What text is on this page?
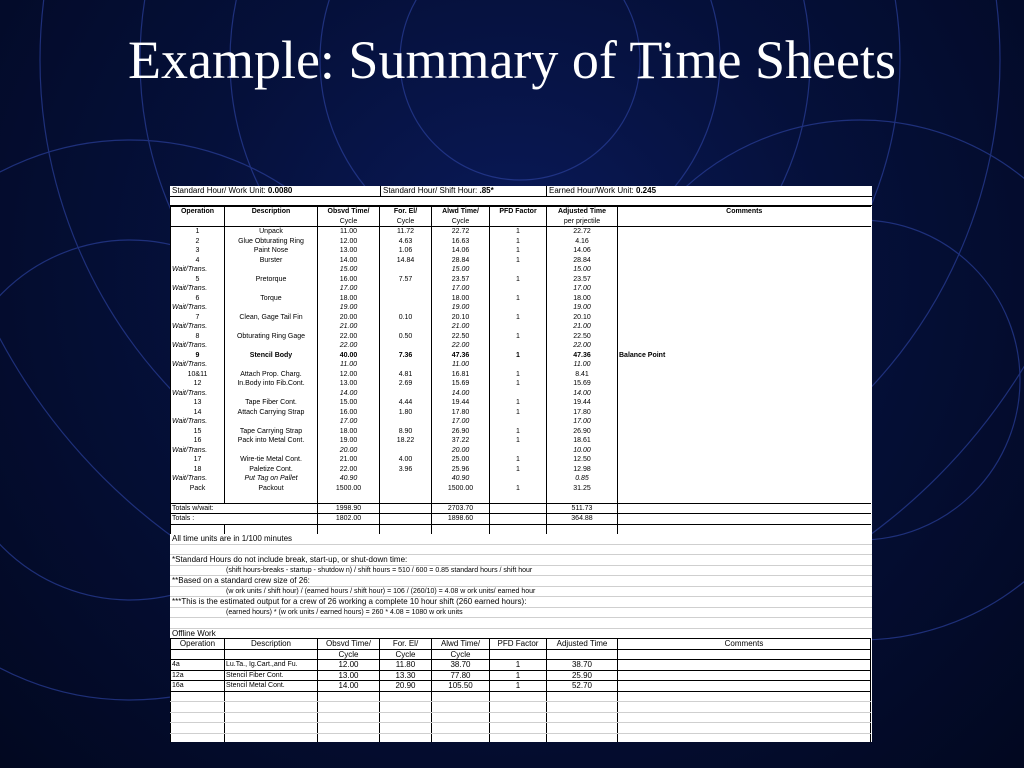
Example: Summary of Time Sheets
Standard Hour/ Work Unit: 0.0080	Standard Hour/ Shift Hour: .85*	Earned Hour/Work Unit: 0.245
Operation	Description	Obsvd Time/	For. El/	Alwd Time/	PFD Factor	Adjusted Time	Comments
		Cycle	Cycle	Cycle		per prjectile	
1	Unpack	11.00	11.72	22.72	1	22.72	
2	Glue Obturating Ring	12.00	4.63	16.63	1	4.16	
3	Paint Nose	13.00	1.06	14.06	1	14.06	
4	Burster	14.00	14.84	28.84	1	28.84	
Wait/Trans.		15.00		15.00		15.00	
5	Pretorque	16.00	7.57	23.57	1	23.57	
Wait/Trans.		17.00		17.00		17.00	
6	Torque	18.00		18.00	1	18.00	
Wait/Trans.		19.00		19.00		19.00	
7	Clean, Gage Tail Fin	20.00	0.10	20.10	1	20.10	
Wait/Trans.		21.00		21.00		21.00	
8	Obturating Ring Gage	22.00	0.50	22.50	1	22.50	
Wait/Trans.		22.00		22.00		22.00	
9	Stencil Body	40.00	7.36	47.36	1	47.36	Balance Point
Wait/Trans.		11.00		11.00		11.00	
10&11	Attach Prop. Charg.	12.00	4.81	16.81	1	8.41	
12	In.Body into Fib.Cont.	13.00	2.69	15.69	1	15.69	
Wait/Trans.		14.00		14.00		14.00	
13	Tape Fiber Cont.	15.00	4.44	19.44	1	19.44	
14	Attach Carrying Strap	16.00	1.80	17.80	1	17.80	
Wait/Trans.		17.00		17.00		17.00	
15	Tape Carrying Strap	18.00	8.90	26.90	1	26.90	
16	Pack into Metal Cont.	19.00	18.22	37.22	1	18.61	
Wait/Trans.		20.00		20.00		10.00	
17	Wire-tie Metal Cont.	21.00	4.00	25.00	1	12.50	
18	Paletize Cont.	22.00	3.96	25.96	1	12.98	
Wait/Trans.	Put Tag on Pallet	40.90		40.90		0.85	
Pack	Packout	1500.00		1500.00	1	31.25	

Totals w/wait:		1998.90		2703.70		511.73	
Totals :		1802.00		1898.60		364.88	

All time units are in 1/100 minutes
*Standard Hours do not include break, start-up, or shut-down time:
(shift hours-breaks - startup - shutdow n) / shift hours = 510 / 600 = 0.85 standard hours / shift hour
**Based on a standard crew size of 26:
(w ork units / shift hour) / (earned hours / shift hour) = 106 / (260/10) = 4.08 w ork units/ earned hour
***This is the estimated output for a crew of 26 working a complete 10 hour shift (260 earned hours):
(earned hours) * (w ork units / earned hours) = 260 * 4.08 = 1080 w ork units
Offline Work
Operation	Description	Obsvd Time/	For. El/	Alwd Time/	PFD Factor	Adjusted Time	Comments
		Cycle	Cycle	Cycle			
4a	Lu.Ta., Ig.Cart.,and Fu.	12.00	11.80	38.70	1	38.70	
12a	Stencil Fiber Cont.	13.00	13.30	77.80	1	25.90	
16a	Stencil Metal Cont.	14.00	20.90	105.50	1	52.70	
